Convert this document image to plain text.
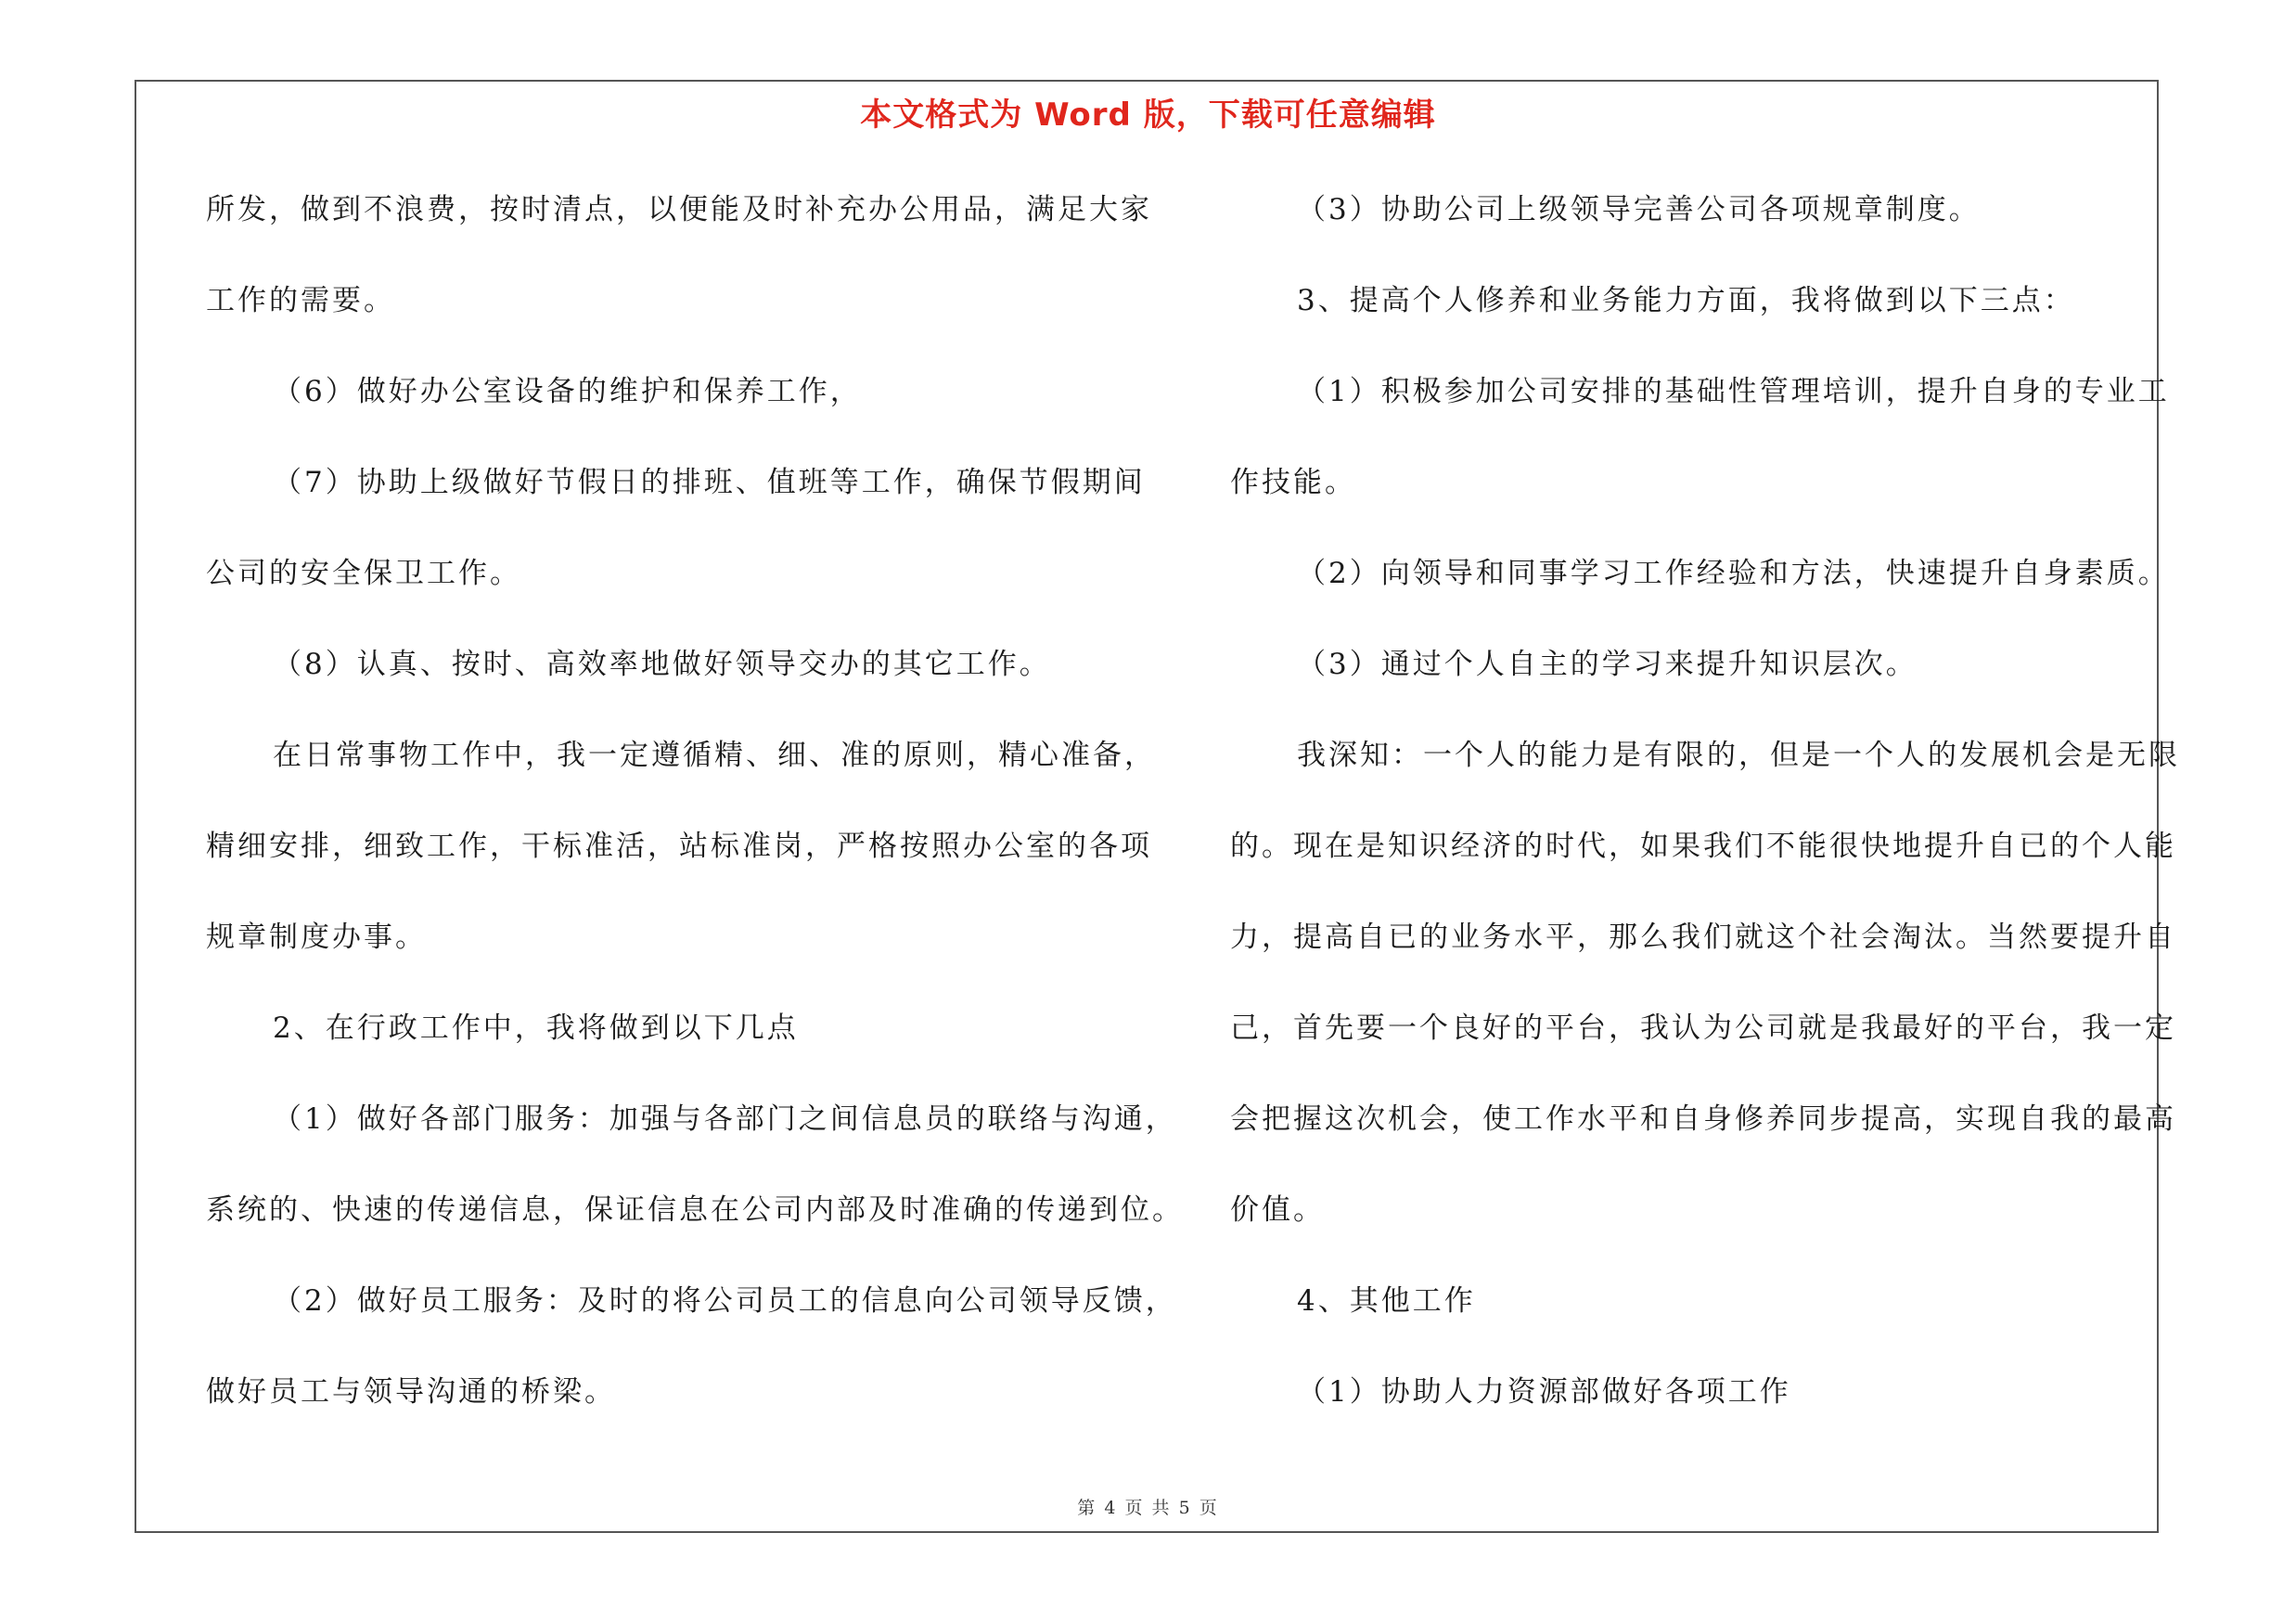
本文格式为 Word 版，下载可任意编辑
所发，做到不浪费，按时清点，以便能及时补充办公用品，满足大家
工作的需要。
（6）做好办公室设备的维护和保养工作，
（7）协助上级做好节假日的排班、值班等工作，确保节假期间
公司的安全保卫工作。
（8）认真、按时、高效率地做好领导交办的其它工作。
在日常事物工作中，我一定遵循精、细、准的原则，精心准备，
精细安排，细致工作，干标准活，站标准岗，严格按照办公室的各项
规章制度办事。
2、在行政工作中，我将做到以下几点
（1）做好各部门服务：加强与各部门之间信息员的联络与沟通，
系统的、快速的传递信息，保证信息在公司内部及时准确的传递到位。
（2）做好员工服务：及时的将公司员工的信息向公司领导反馈，
做好员工与领导沟通的桥梁。
（3）协助公司上级领导完善公司各项规章制度。
3、提高个人修养和业务能力方面，我将做到以下三点：
（1）积极参加公司安排的基础性管理培训，提升自身的专业工
作技能。
（2）向领导和同事学习工作经验和方法，快速提升自身素质。
（3）通过个人自主的学习来提升知识层次。
我深知：一个人的能力是有限的，但是一个人的发展机会是无限
的。现在是知识经济的时代，如果我们不能很快地提升自已的个人能
力，提高自已的业务水平，那么我们就这个社会淘汰。当然要提升自
己，首先要一个良好的平台，我认为公司就是我最好的平台，我一定
会把握这次机会，使工作水平和自身修养同步提高，实现自我的最高
价值。
4、其他工作
（1）协助人力资源部做好各项工作
第 4 页 共 5 页
